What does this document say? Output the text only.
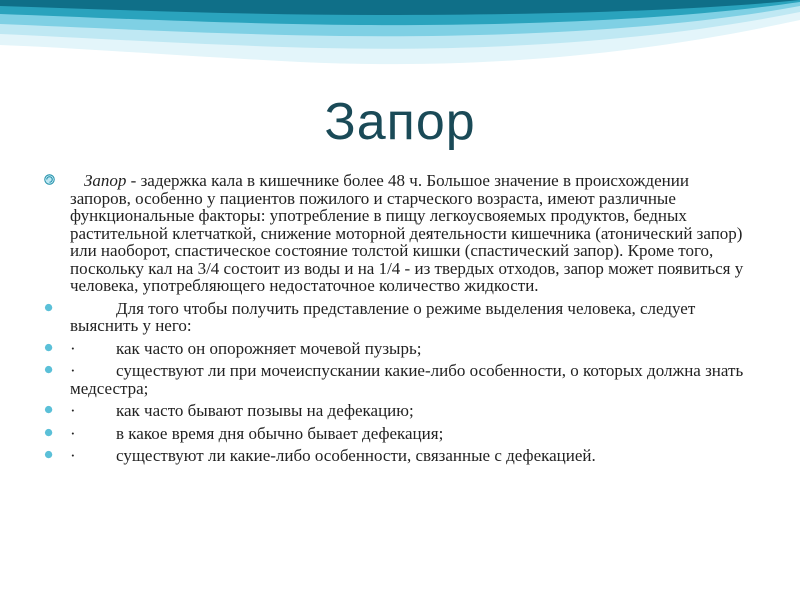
Запор
Запор - задержка кала в кишечнике более 48 ч. Большое значение в происхождении запоров, особенно у пациентов пожилого и старческого возраста, имеют различные функциональные факторы: употребление в пищу легкоусвояемых продуктов, бедных растительной клетчаткой, снижение моторной деятельности кишечника (атонический запор) или наоборот, спастическое состояние толстой кишки (спастический запор). Кроме того, поскольку кал на 3/4 состоит из воды и на 1/4 - из твердых отходов, запор может появиться у человека, употребляющего недостаточное количество жидкости.
Для того чтобы получить представление о режиме выделения человека, следует выяснить у него:
· как часто он опорожняет мочевой пузырь;
· существуют ли при мочеиспускании какие-либо особенности, о которых должна знать медсестра;
· как часто бывают позывы на дефекацию;
· в какое время дня обычно бывает дефекация;
· существуют ли какие-либо особенности, связанные с дефекацией.
